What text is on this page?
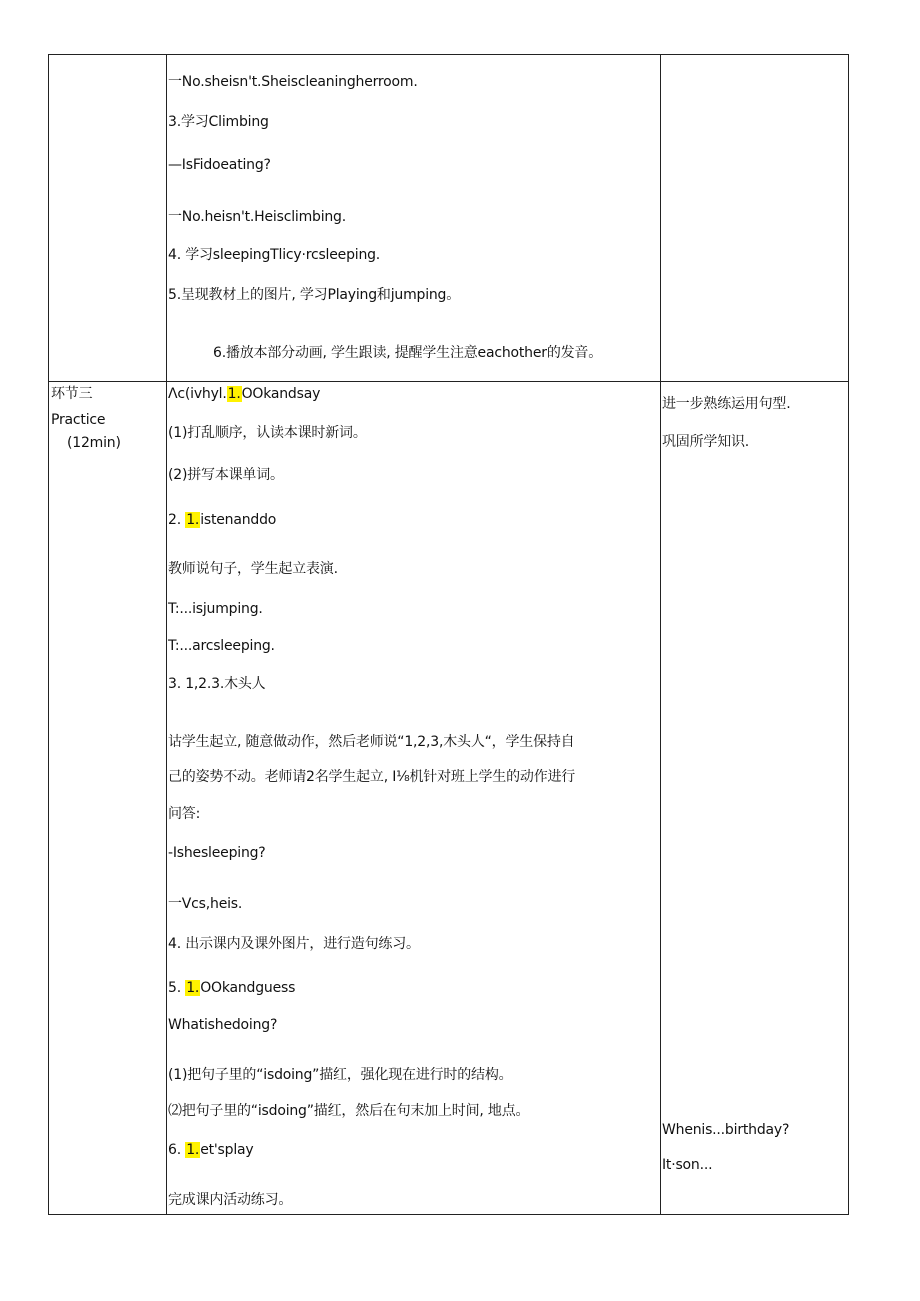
一No.sheisn't.Sheiscleaningherroom.
3.学习Climbing
—IsFidoeating?
一No.heisn't.Heisclimbing.
4. 学习sleepingTlicy·rcsleeping.
5.呈现教材上的图片, 学习Playing和jumping。
6.播放本部分动画, 学生跟读, 提醒学生注意eachother的发音。
环节三
Practice
(12min)
Λc(ivhyl.1.OOkandsay
(1)打乱顺序，认读本课时新词。
(2)拼写本课单词。
2. 1.istenanddo
教师说句子，学生起立表演.
T:...isjumping.
T:...arcsleeping.
3. 1,2.3.木头人
诂学生起立, 随意做动作，然后老师说“1,2,3,木头人“，学生保持自
己的姿势不动。老师请2名学生起立, I⅛机针对班上学生的动作进行
问答:
-Ishesleeping?
一Vcs,heis.
4. 出示课内及课外图片，进行造句练习。
5. 1.OOkandguess
Whatishedoing?
(1)把句子里的“isdoing”描红，强化现在进行时的结构。
⑵把句子里的“isdoing”描红，然后在句末加上时间, 地点。
6. 1.et'splay
完成课内活动练习。
进一步熟练运用句型.
巩固所学知识.
Whenis...birthday?
It·son...
